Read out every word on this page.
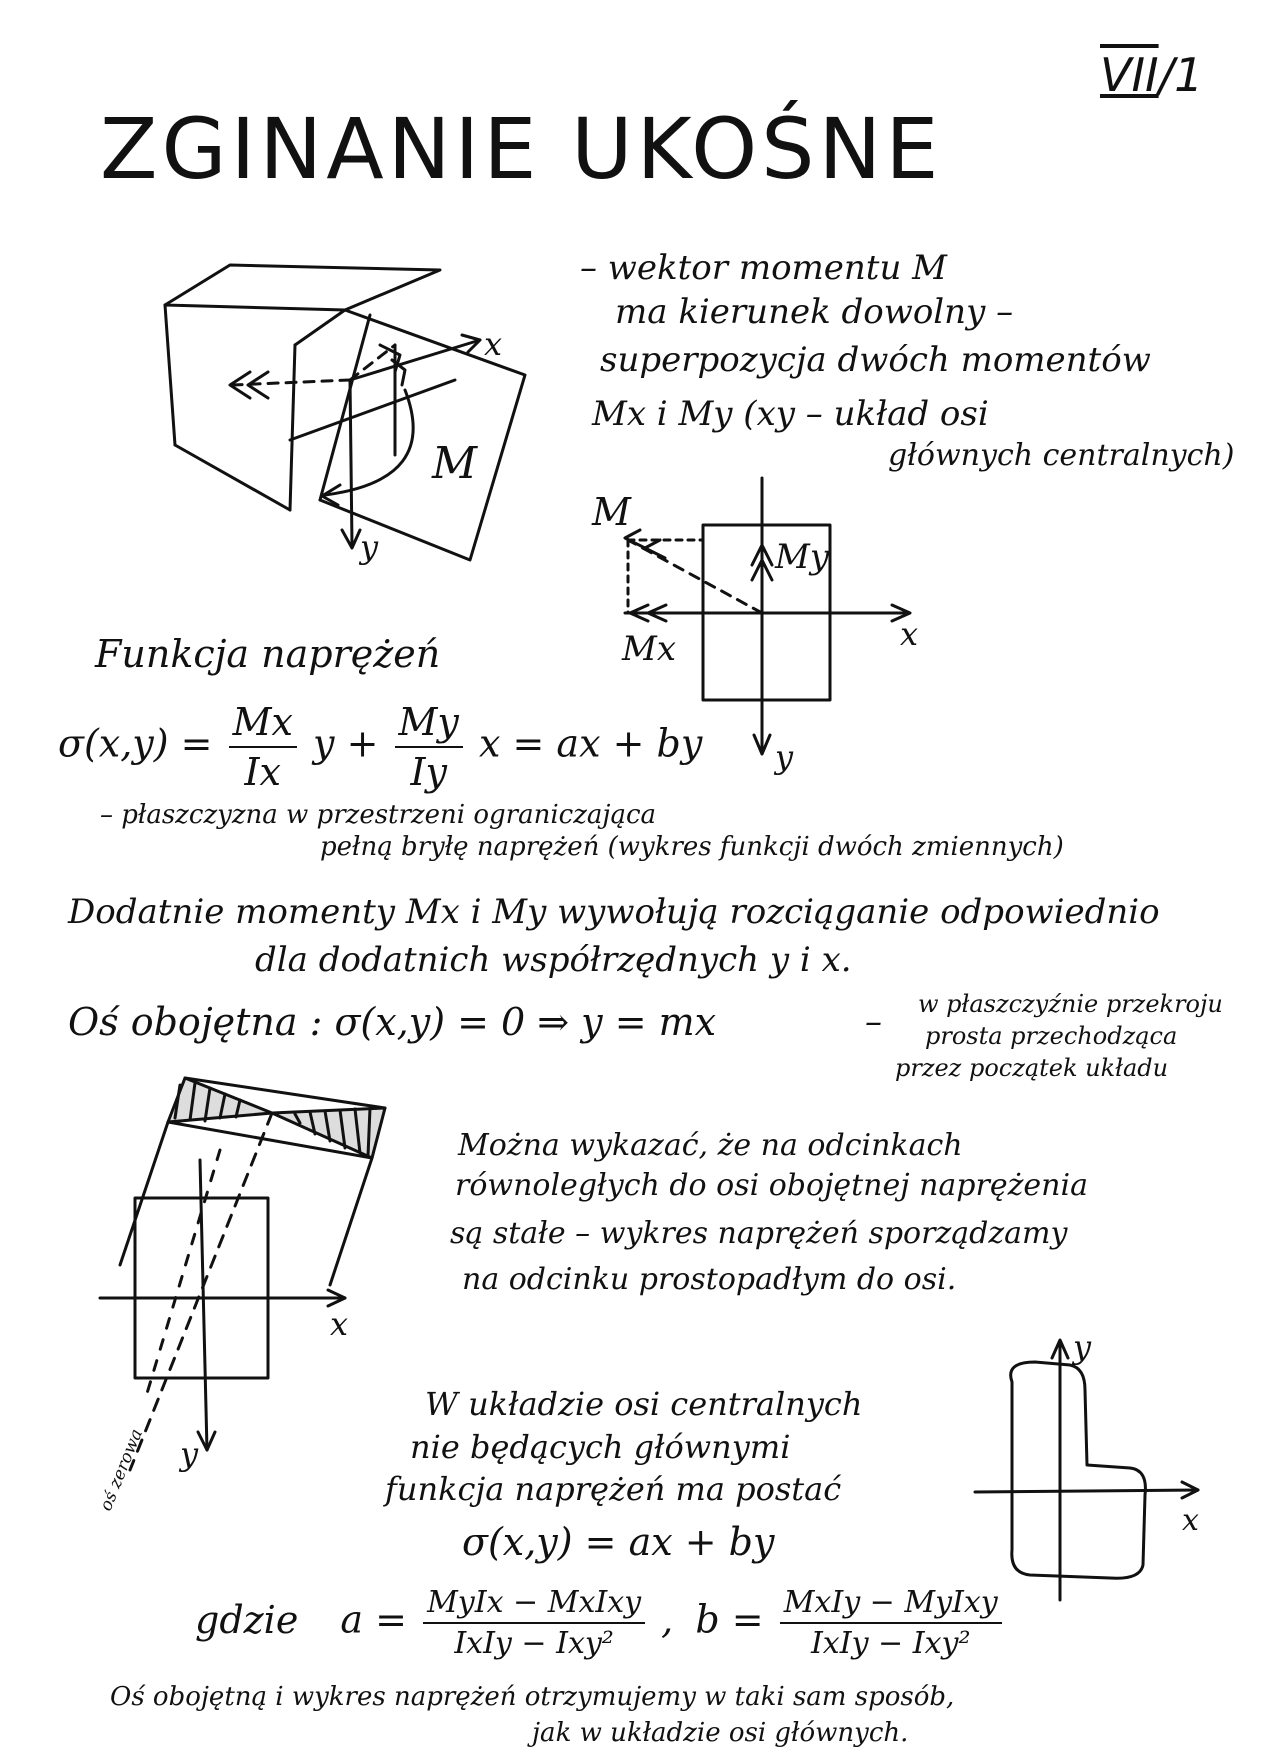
VII/1
ZGINANIE UKOŚNE
– wektor momentu M
ma kierunek dowolny –
superpozycja dwóch momentów
Mx i My (xy – układ osi
głównych centralnych)
M
x
y
M
My
Mx	x
y
x
y
oś zerowa
x
y
Funkcja naprężeń
$\sigma(x,y) = \frac{Mx}{Ix}$ $y + \frac{My}{Iy}$ x = ax + by
– płaszczyzna w przestrzeni ograniczająca
pełną bryłę naprężeń (wykres funkcji dwóch zmiennych)
Dodatnie momenty Mx i My wywołują rozciąganie odpowiednio
dla dodatnich współrzędnych y i x.
Oś obojętna : σ(x,y) = 0 ⇒ y = mx	– w płaszczyźnie przekroju
prosta przechodząca
przez początek układu
Można wykazać, że na odcinkach
równoległych do osi obojętnej naprężenia
są stałe – wykres naprężeń sporządzamy
na odcinku prostopadłym do osi.
W układzie osi centralnych
nie będących głównymi
funkcja naprężeń ma postać
σ(x,y) = ax + by
gdzie $a = \frac{\text{MyIx − MxIxy}}{\text{IxIy − Ixy²}}$ , $b = \frac{\text{MxIy − MyIxy}}{\text{IxIy − Ixy²}}$
Oś obojętną i wykres naprężeń otrzymujemy w taki sam sposób,
jak w układzie osi głównych.
